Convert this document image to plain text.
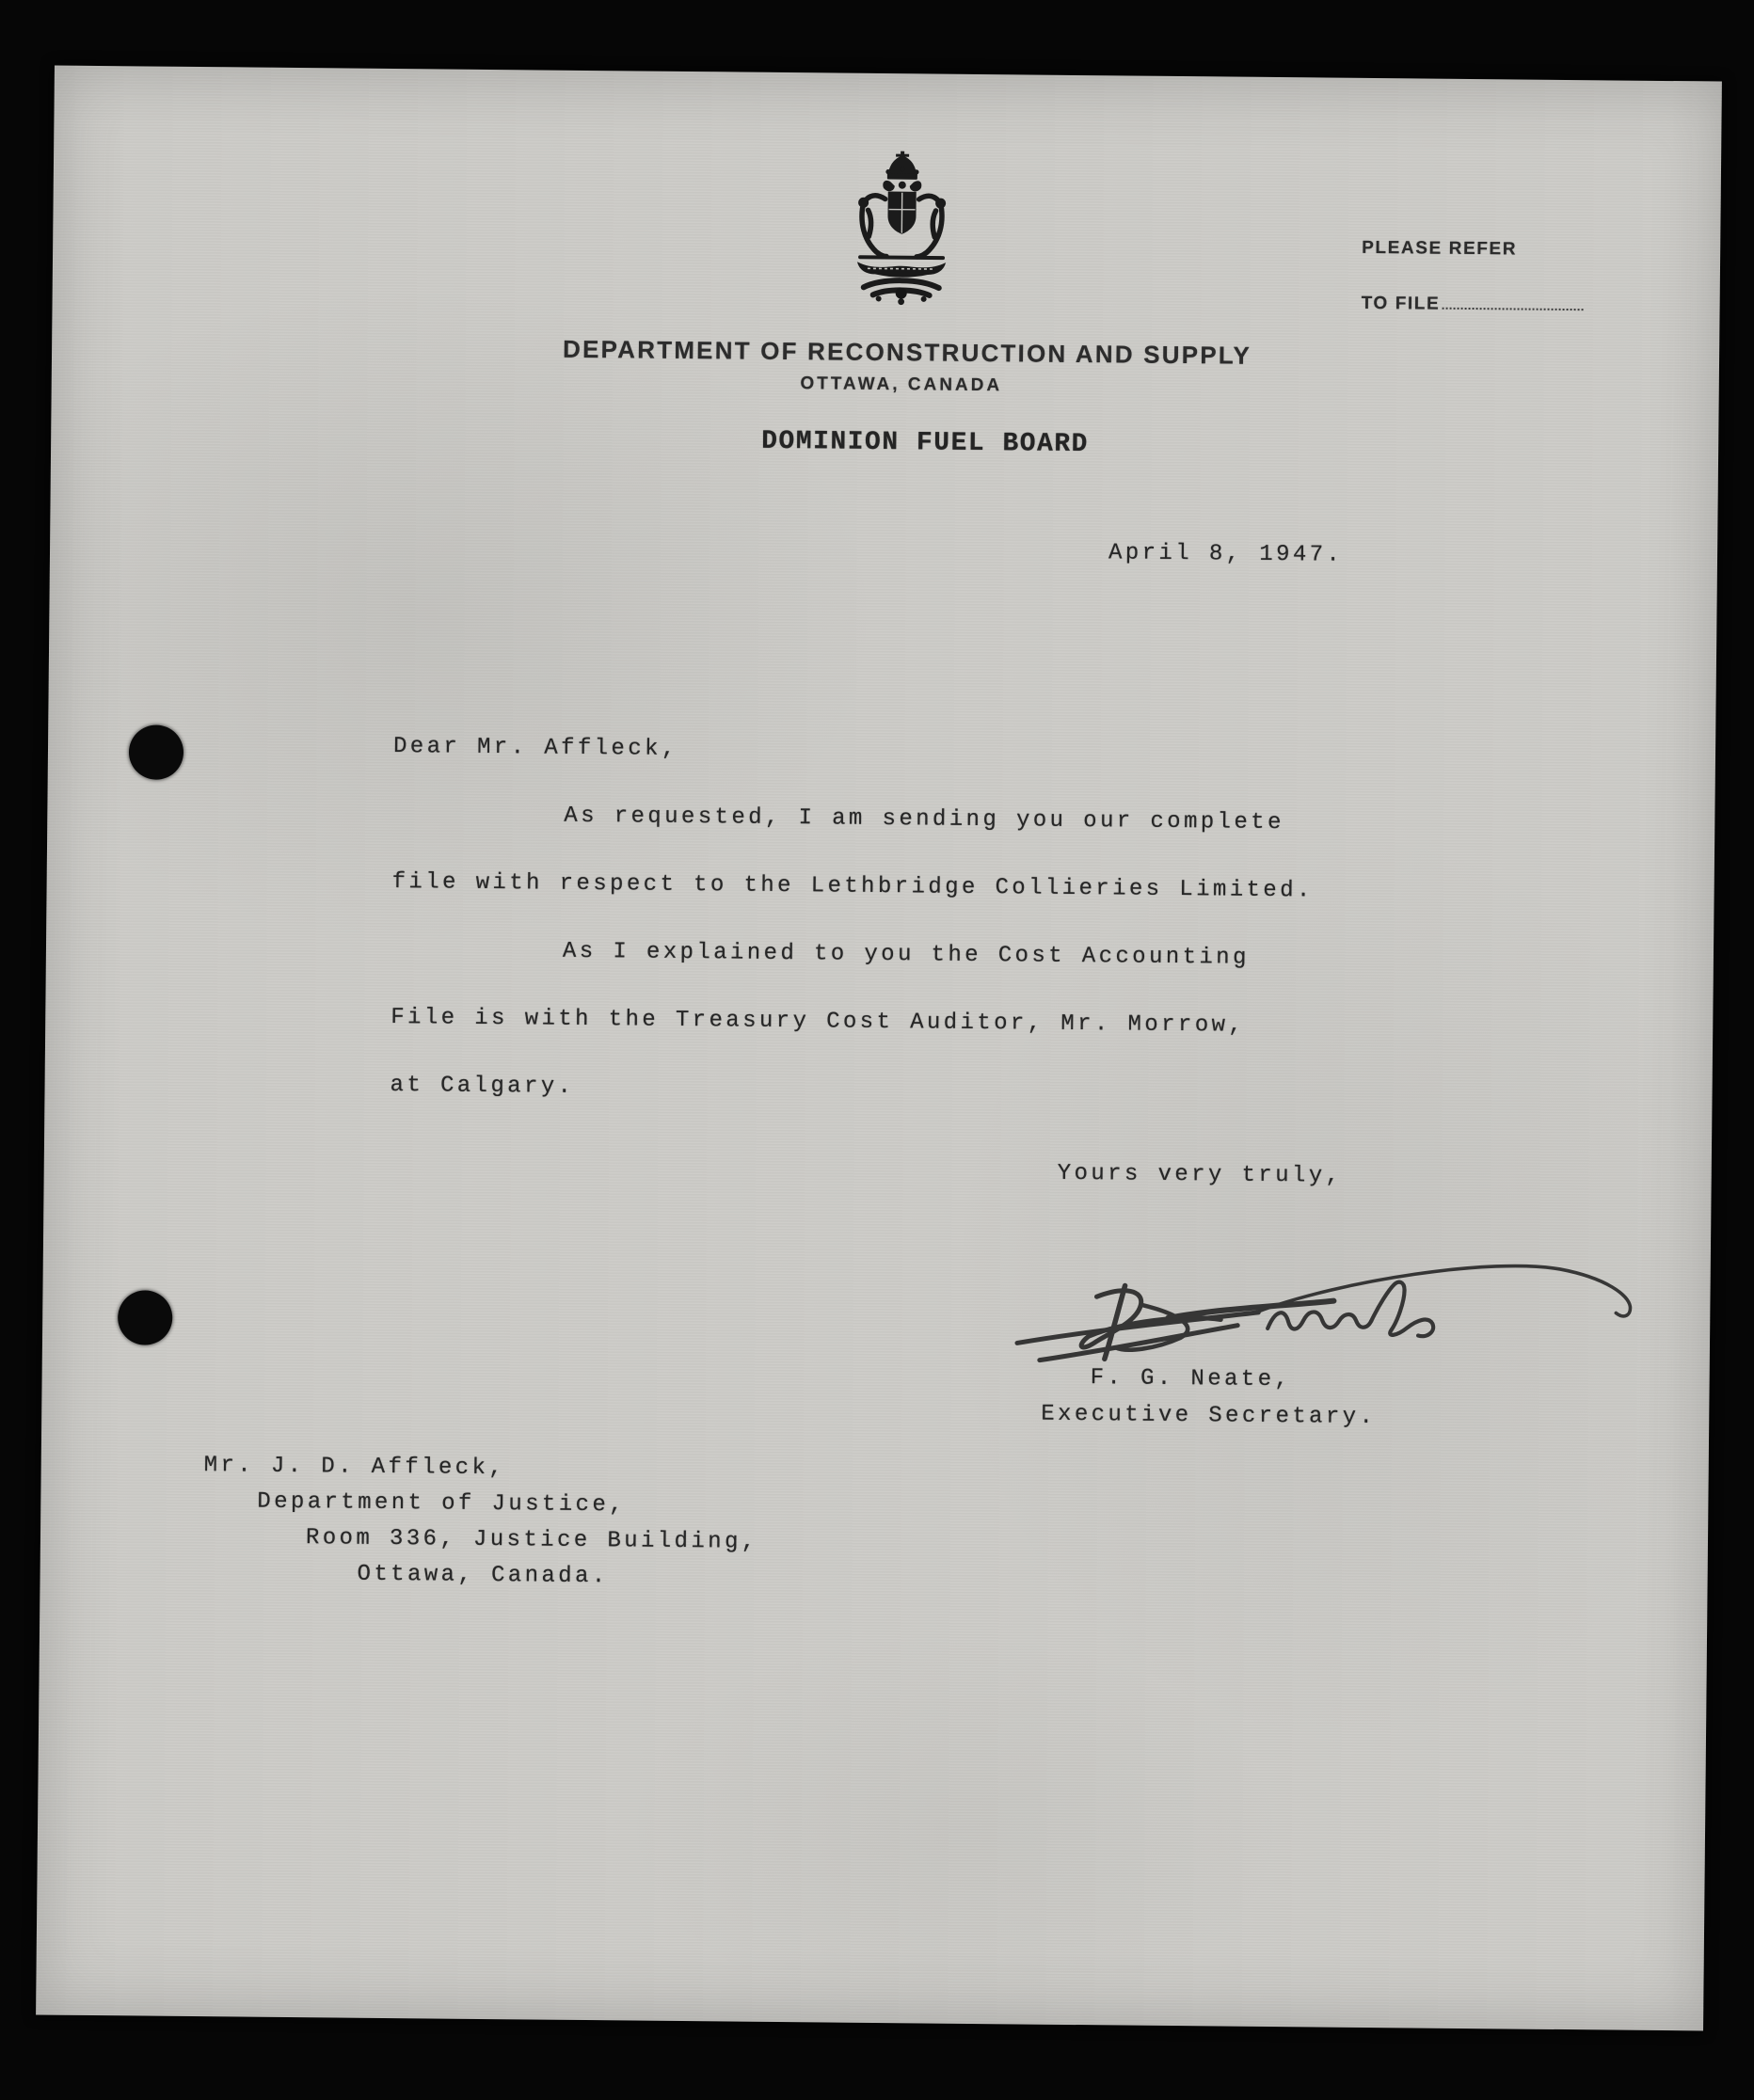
PLEASE REFER
TO FILE
DEPARTMENT OF RECONSTRUCTION AND SUPPLY
OTTAWA, CANADA
DOMINION FUEL BOARD
April 8, 1947.
Dear Mr. Affleck,
As requested, I am sending you our complete
file with respect to the Lethbridge Collieries Limited.
As I explained to you the Cost Accounting
File is with the Treasury Cost Auditor, Mr. Morrow,
at Calgary.
Yours very truly,
F. G. Neate,
Executive Secretary.
Mr. J. D. Affleck,
Department of Justice,
Room 336, Justice Building,
Ottawa, Canada.
